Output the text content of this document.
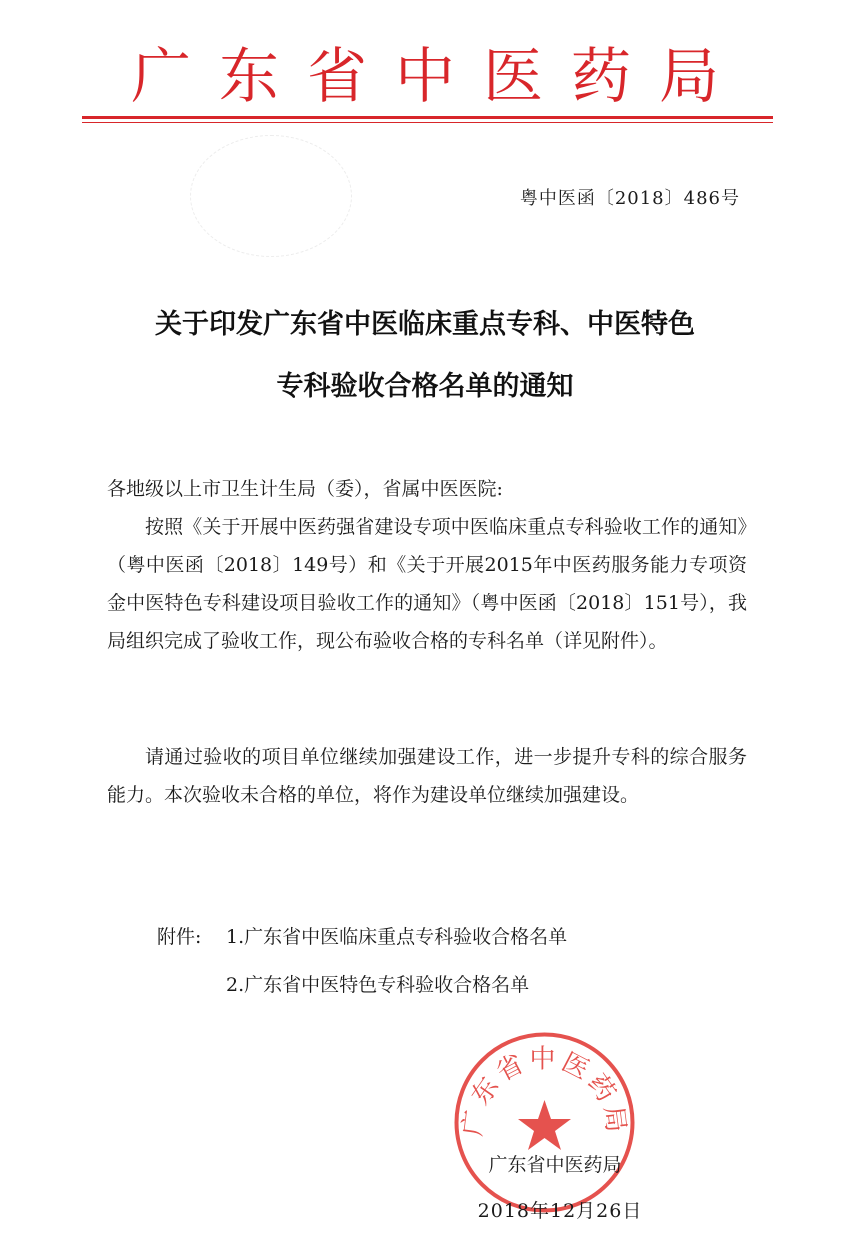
广东省中医药局
粤中医函〔2018〕486号
关于印发广东省中医临床重点专科、中医特色
专科验收合格名单的通知
各地级以上市卫生计生局（委），省属中医医院:
按照《关于开展中医药强省建设专项中医临床重点专科验收工作的通知》（粤中医函〔2018〕149号）和《关于开展2015年中医药服务能力专项资金中医特色专科建设项目验收工作的通知》（粤中医函〔2018〕151号），我局组织完成了验收工作，现公布验收合格的专科名单（详见附件）。
请通过验收的项目单位继续加强建设工作，进一步提升专科的综合服务能力。本次验收未合格的单位，将作为建设单位继续加强建设。
附件: 1.广东省中医临床重点专科验收合格名单
2.广东省中医特色专科验收合格名单
广东省中医药局
广东省中医药局
2018年12月26日
